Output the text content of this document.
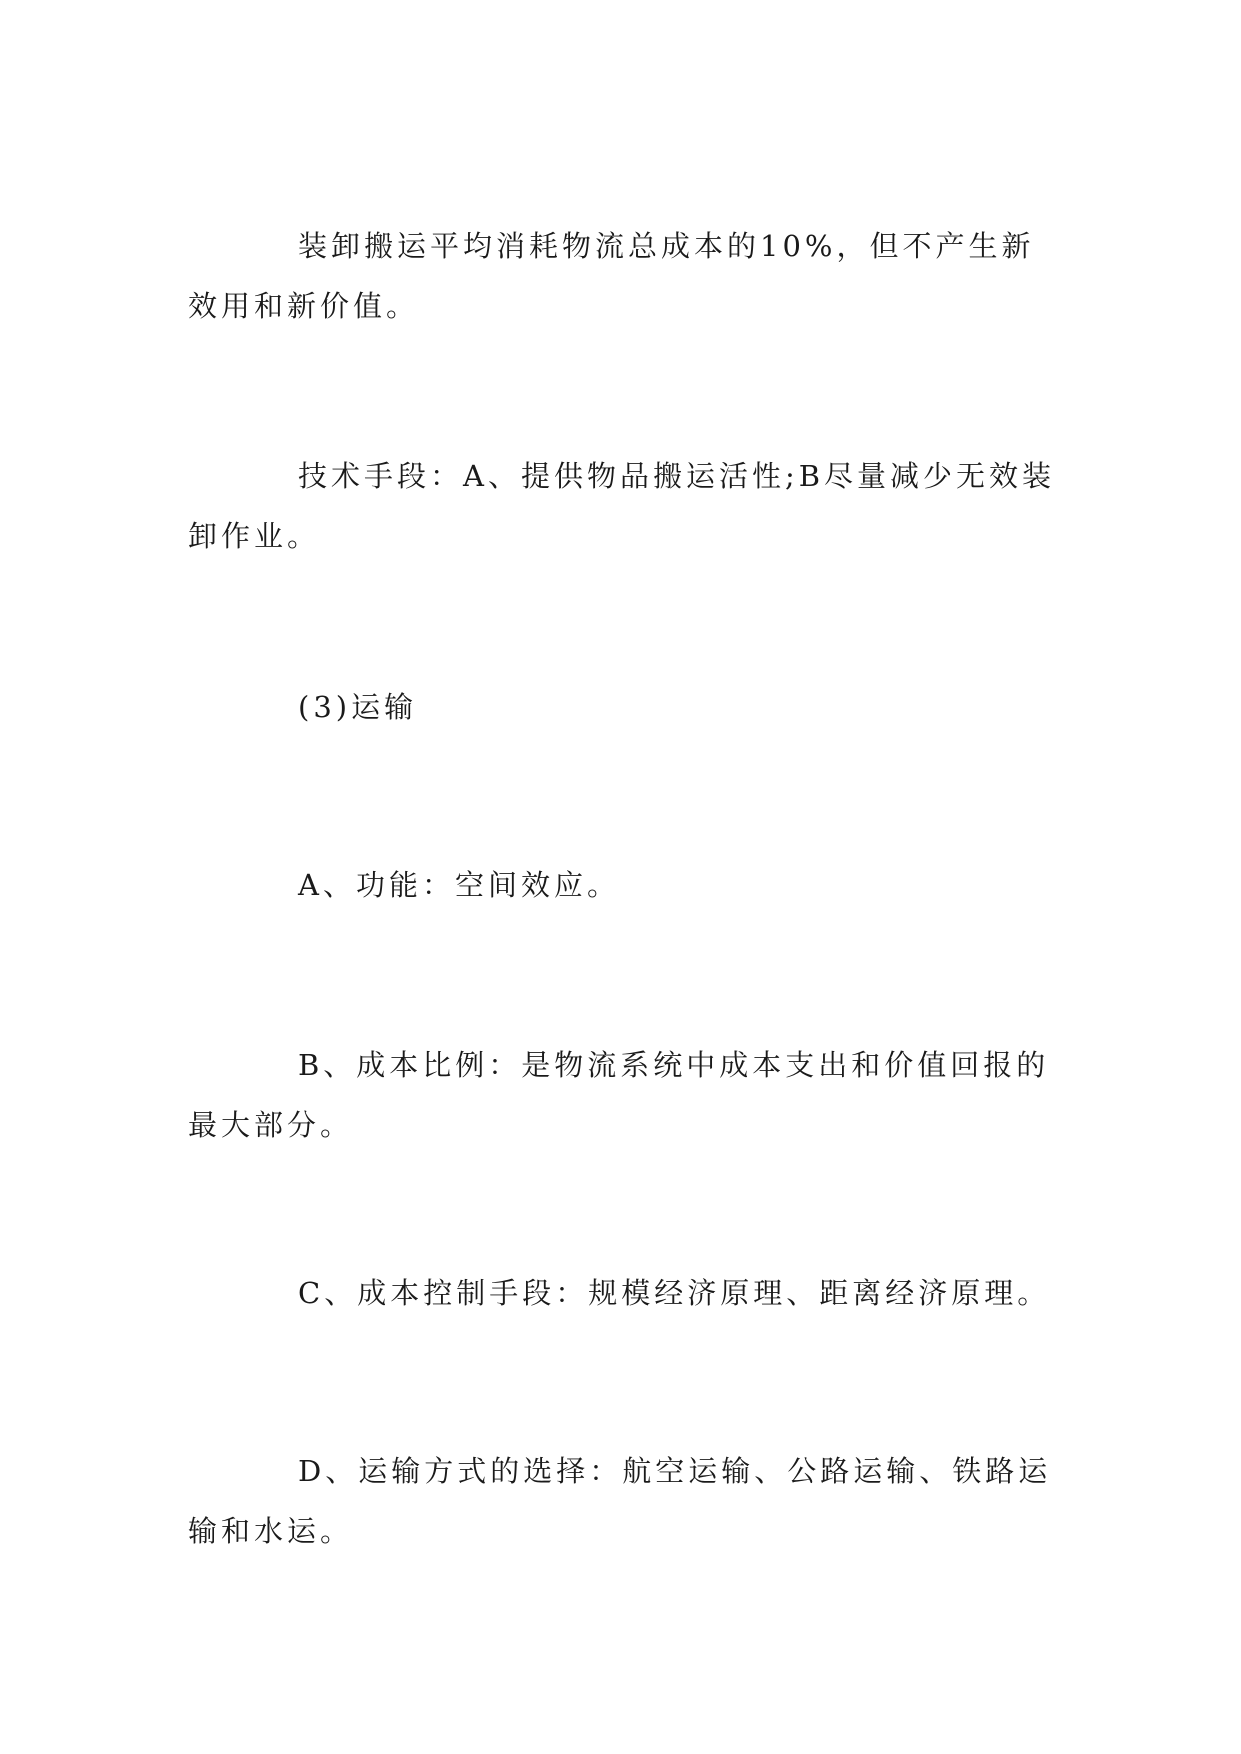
装卸搬运平均消耗物流总成本的10%，但不产生新效用和新价值。

技术手段：A、提供物品搬运活性;B尽量减少无效装卸作业。

(3)运输

A、功能：空间效应。

B、成本比例：是物流系统中成本支出和价值回报的最大部分。

C、成本控制手段：规模经济原理、距离经济原理。

D、运输方式的选择：航空运输、公路运输、铁路运输和水运。
